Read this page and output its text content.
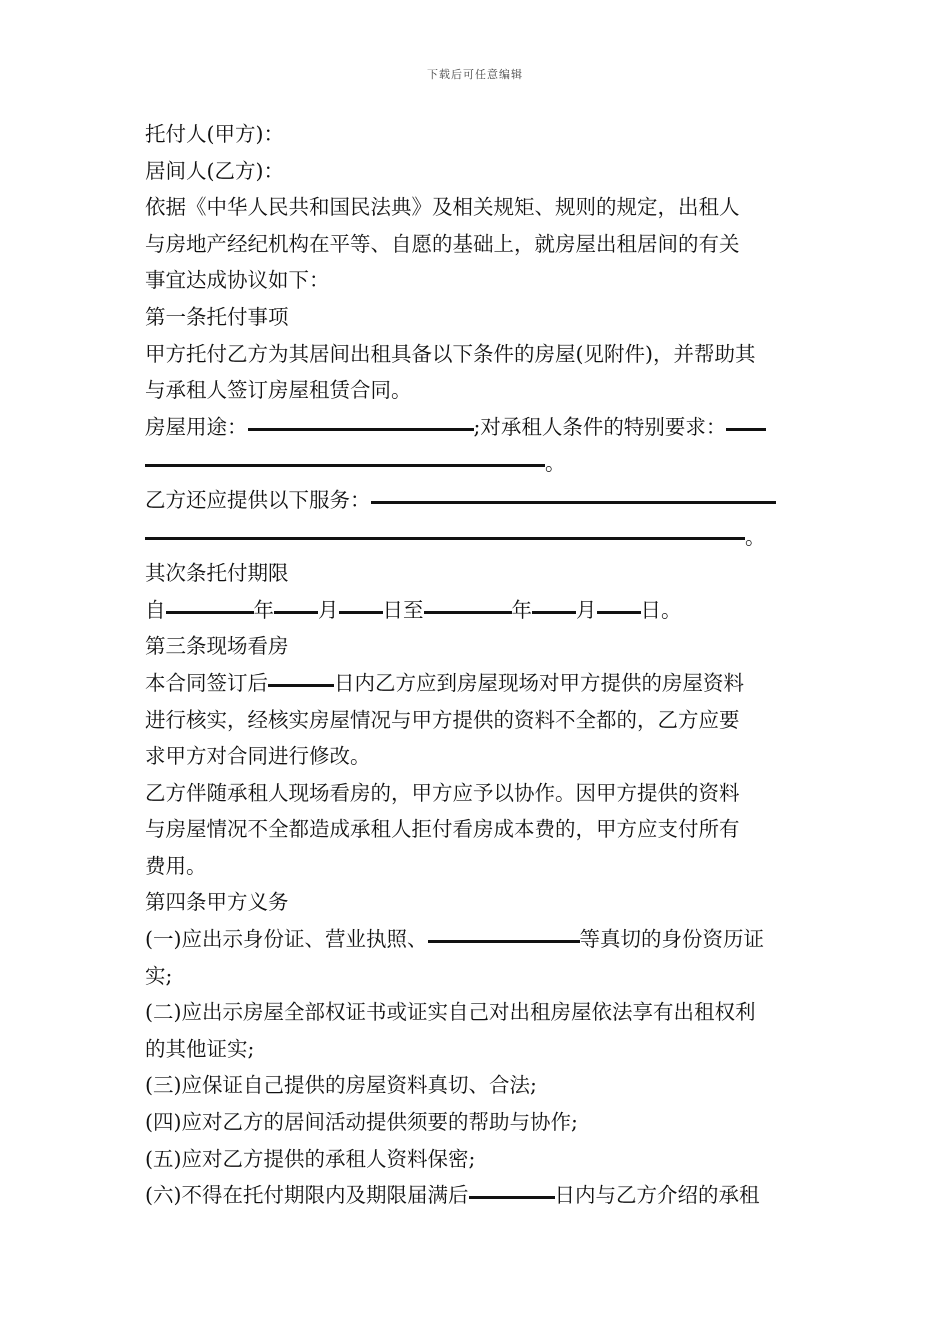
下载后可任意编辑
托付人(甲方)：
居间人(乙方)：
依据《中华人民共和国民法典》及相关规矩、规则的规定，出租人
与房地产经纪机构在平等、自愿的基础上，就房屋出租居间的有关
事宜达成协议如下：
第一条托付事项
甲方托付乙方为其居间出租具备以下条件的房屋(见附件)，并帮助其
与承租人签订房屋租赁合同。
房屋用途：	;对承租人条件的特别要求：
。
乙方还应提供以下服务：
。
其次条托付期限
自	年 月 日至	年 月 日。
第三条现场看房
本合同签订后	日内乙方应到房屋现场对甲方提供的房屋资料
进行核实，经核实房屋情况与甲方提供的资料不全都的，乙方应要
求甲方对合同进行修改。
乙方伴随承租人现场看房的，甲方应予以协作。因甲方提供的资料
与房屋情况不全都造成承租人拒付看房成本费的，甲方应支付所有
费用。
第四条甲方义务
(一)应出示身份证、营业执照、	等真切的身份资历证
实;
(二)应出示房屋全部权证书或证实自己对出租房屋依法享有出租权利
的其他证实;
(三)应保证自己提供的房屋资料真切、合法;
(四)应对乙方的居间活动提供须要的帮助与协作;
(五)应对乙方提供的承租人资料保密;
(六)不得在托付期限内及期限届满后	日内与乙方介绍的承租
